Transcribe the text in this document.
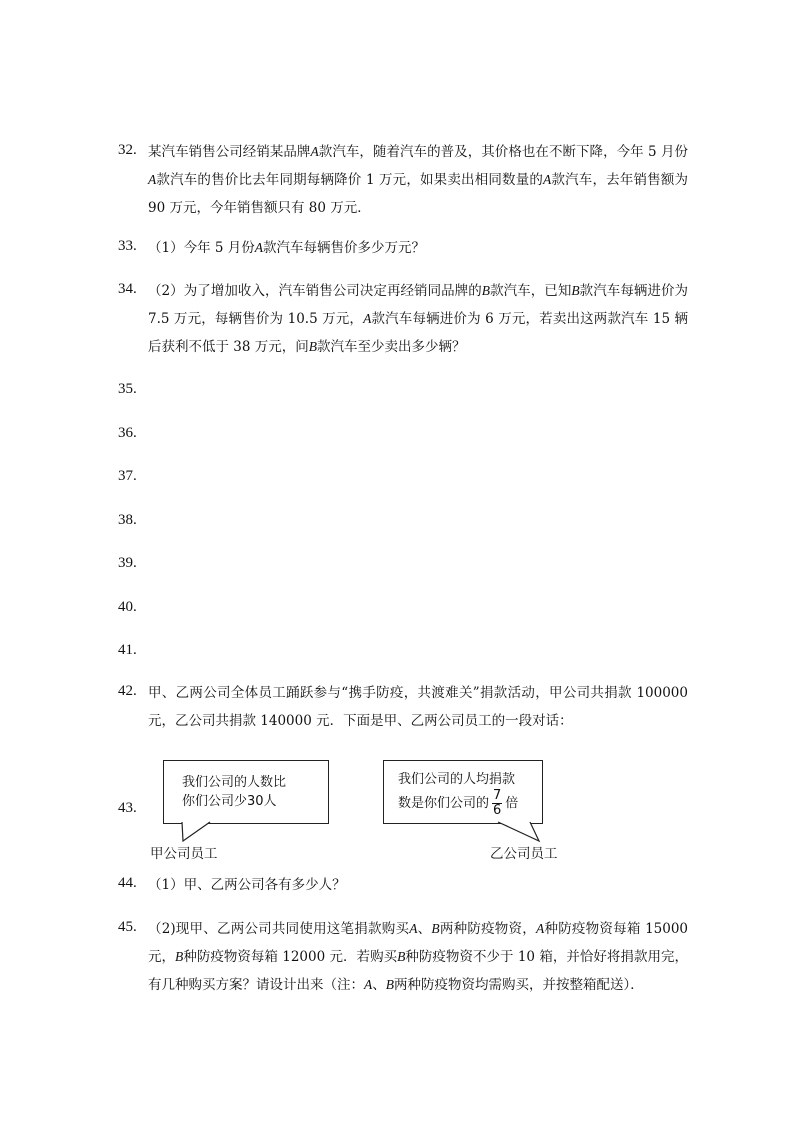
32. 某汽车销售公司经销某品牌A款汽车，随着汽车的普及，其价格也在不断下降，今年 5 月份A款汽车的售价比去年同期每辆降价 1 万元，如果卖出相同数量的A款汽车，去年销售额为 90 万元，今年销售额只有 80 万元．
33. （1）今年 5 月份A款汽车每辆售价多少万元？
34. （2）为了增加收入，汽车销售公司决定再经销同品牌的B款汽车，已知B款汽车每辆进价为 7.5 万元，每辆售价为 10.5 万元，A款汽车每辆进价为 6 万元，若卖出这两款汽车 15 辆后获利不低于 38 万元，问B款汽车至少卖出多少辆？
35.
36.
37.
38.
39.
40.
41.
42. 甲、乙两公司全体员工踊跃参与“携手防疫，共渡难关”捐款活动，甲公司共捐款 100000 元，乙公司共捐款 140000 元．下面是甲、乙两公司员工的一段对话：
43.
我们公司的人数比
你们公司少30人
甲公司员工
我们公司的人均捐款
数是你们公司的 $\frac{7}{6}$ 倍
乙公司员工
44. （1）甲、乙两公司各有多少人？
45. （2)现甲、乙两公司共同使用这笔捐款购买A、B两种防疫物资，A种防疫物资每箱 15000 元，B种防疫物资每箱 12000 元．若购买B种防疫物资不少于 10 箱，并恰好将捐款用完，有几种购买方案？请设计出来（注：A、B两种防疫物资均需购买，并按整箱配送）．
